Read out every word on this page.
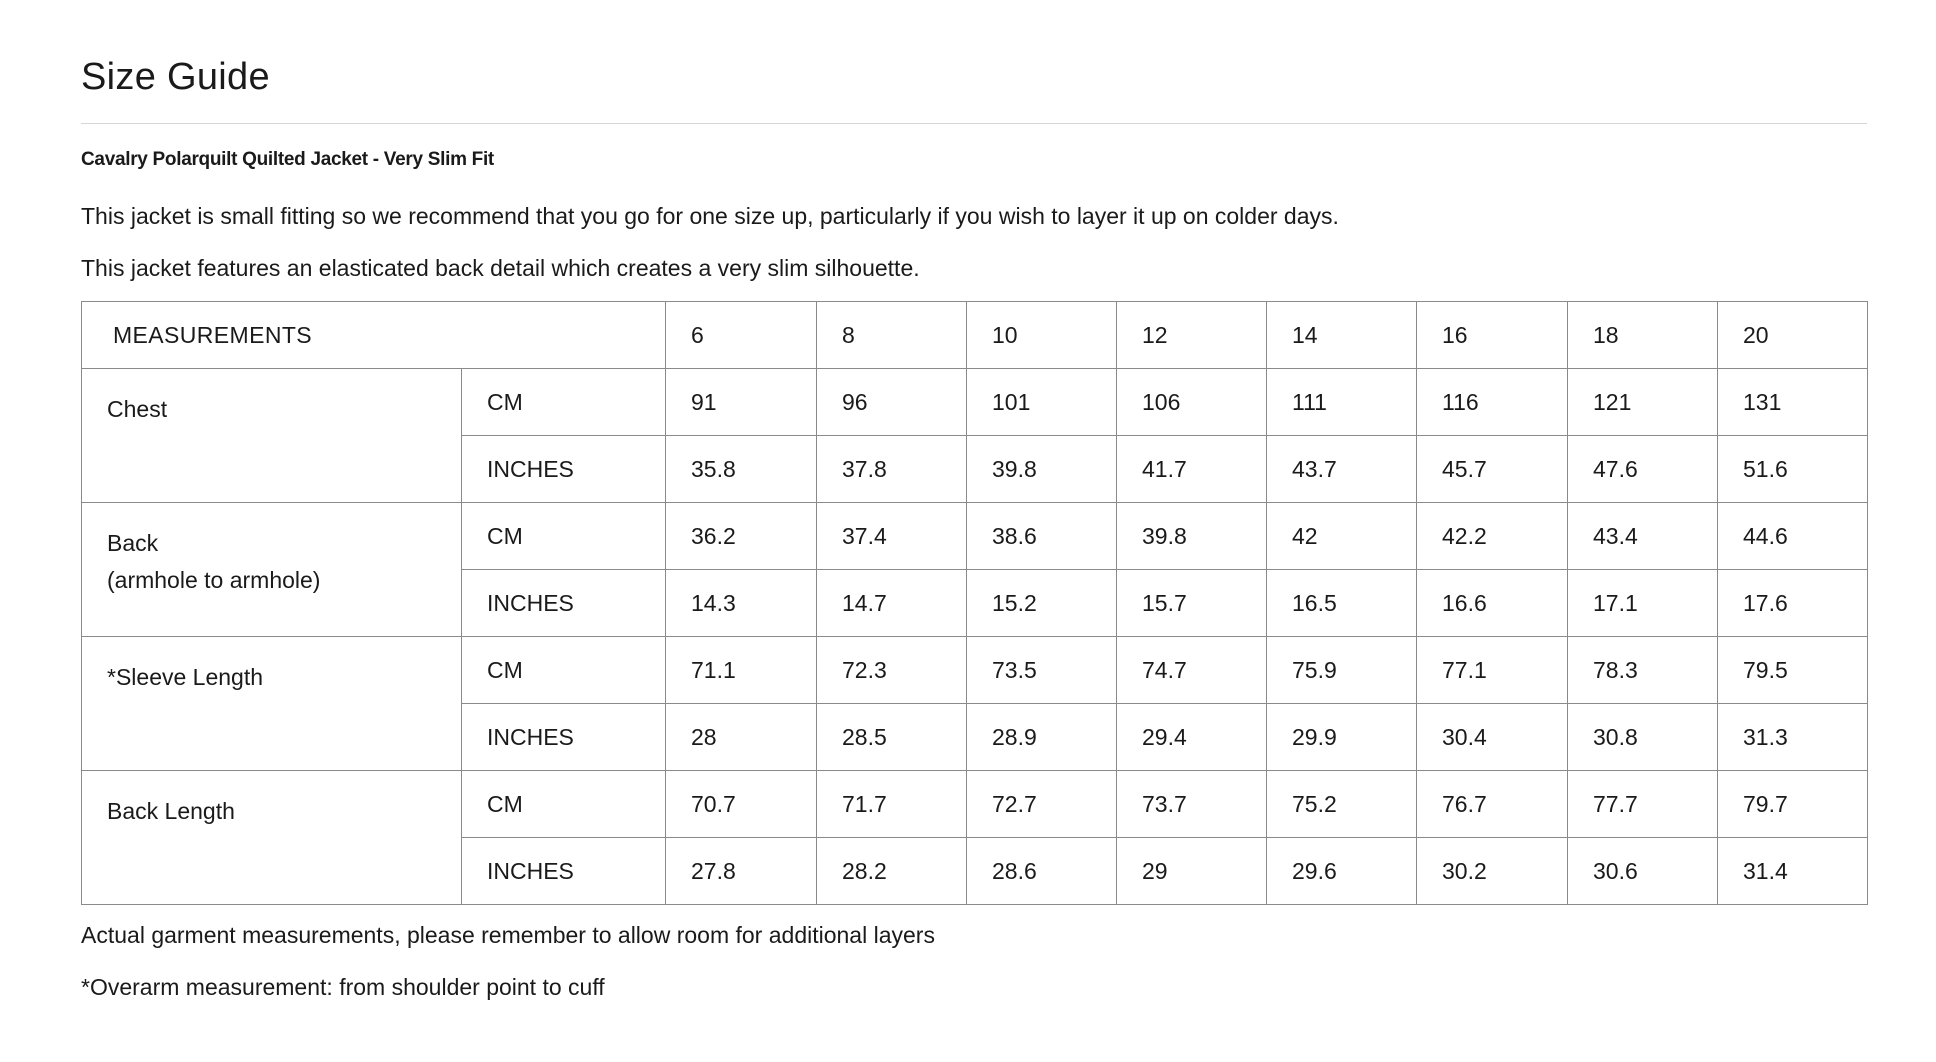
Size Guide
Cavalry Polarquilt Quilted Jacket - Very Slim Fit
This jacket is small fitting so we recommend that you go for one size up, particularly if you wish to layer it up on colder days.
This jacket features an elasticated back detail which creates a very slim silhouette.
MEASUREMENTS		6	8	10	12	14	16	18	20
Chest	CM	91	96	101	106	111	116	121	131
	INCHES	35.8	37.8	39.8	41.7	43.7	45.7	47.6	51.6
Back
(armhole to armhole)	CM	36.2	37.4	38.6	39.8	42	42.2	43.4	44.6
	INCHES	14.3	14.7	15.2	15.7	16.5	16.6	17.1	17.6
*Sleeve Length	CM	71.1	72.3	73.5	74.7	75.9	77.1	78.3	79.5
	INCHES	28	28.5	28.9	29.4	29.9	30.4	30.8	31.3
Back Length	CM	70.7	71.7	72.7	73.7	75.2	76.7	77.7	79.7
	INCHES	27.8	28.2	28.6	29	29.6	30.2	30.6	31.4
Actual garment measurements, please remember to allow room for additional layers
*Overarm measurement: from shoulder point to cuff
